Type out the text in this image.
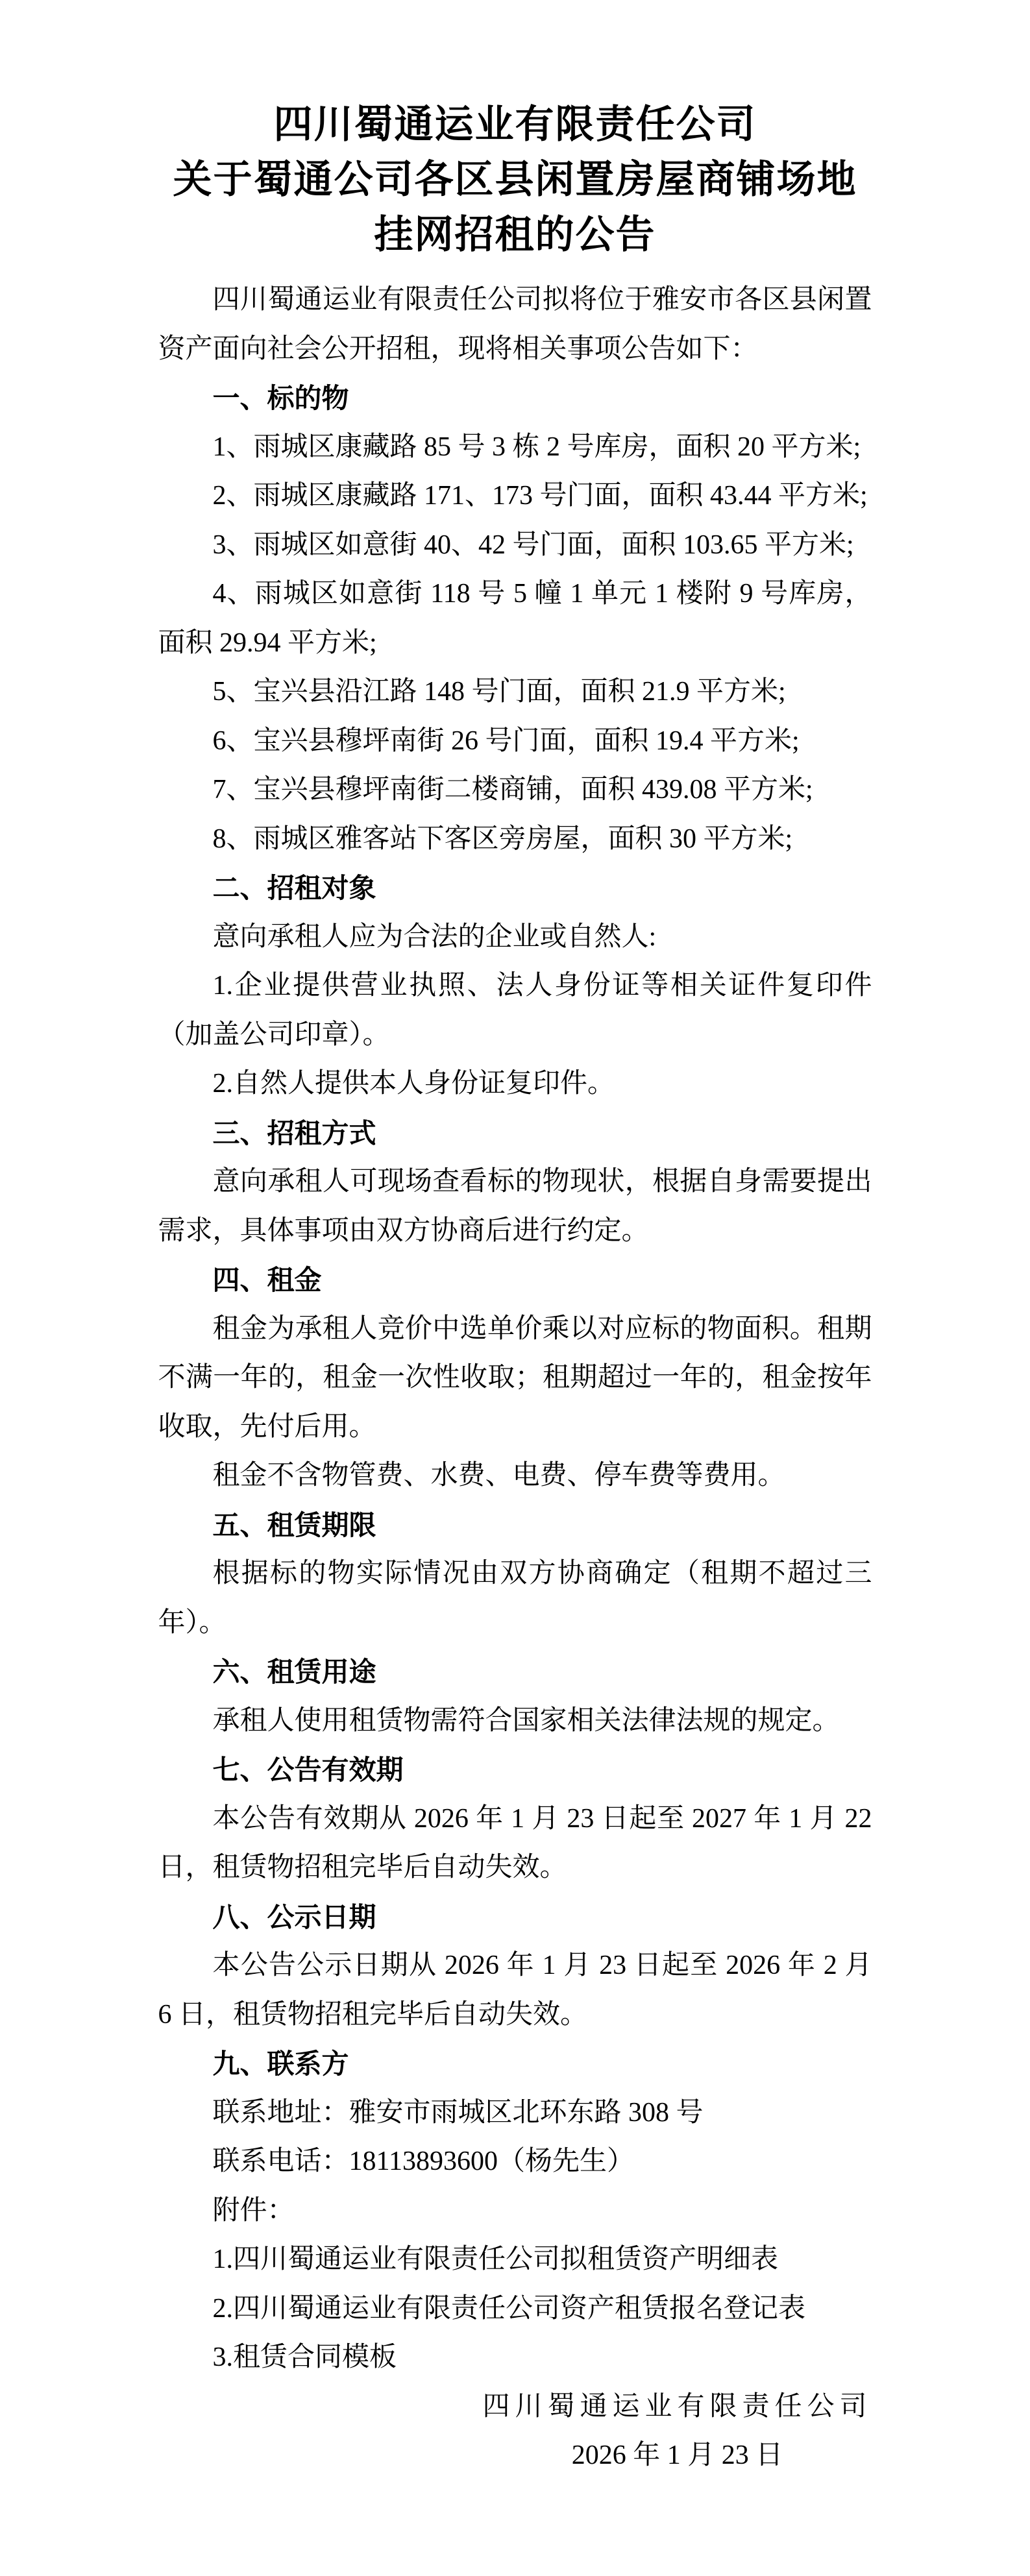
四川蜀通运业有限责任公司
关于蜀通公司各区县闲置房屋商铺场地挂网招租的公告

四川蜀通运业有限责任公司拟将位于雅安市各区县闲置资产面向社会公开招租，现将相关事项公告如下：

一、标的物

1、雨城区康藏路 85 号 3 栋 2 号库房，面积 20 平方米;

2、雨城区康藏路 171、173 号门面，面积 43.44 平方米;

3、雨城区如意街 40、42 号门面，面积 103.65 平方米;

4、雨城区如意街 118 号 5 幢 1 单元 1 楼附 9 号库房，面积 29.94 平方米;

5、宝兴县沿江路 148 号门面，面积 21.9 平方米;

6、宝兴县穆坪南街 26 号门面，面积 19.4 平方米;

7、宝兴县穆坪南街二楼商铺，面积 439.08 平方米;

8、雨城区雅客站下客区旁房屋，面积 30 平方米;

二、招租对象

意向承租人应为合法的企业或自然人:

1.企业提供营业执照、法人身份证等相关证件复印件（加盖公司印章）。

2.自然人提供本人身份证复印件。

三、招租方式

意向承租人可现场查看标的物现状，根据自身需要提出需求，具体事项由双方协商后进行约定。

四、租金

租金为承租人竞价中选单价乘以对应标的物面积。租期不满一年的，租金一次性收取；租期超过一年的，租金按年收取，先付后用。

租金不含物管费、水费、电费、停车费等费用。

五、租赁期限

根据标的物实际情况由双方协商确定（租期不超过三年）。

六、租赁用途

承租人使用租赁物需符合国家相关法律法规的规定。

七、公告有效期

本公告有效期从 2026 年 1 月 23 日起至 2027 年 1 月 22 日，租赁物招租完毕后自动失效。

八、公示日期

本公告公示日期从 2026 年 1 月 23 日起至 2026 年 2 月 6 日，租赁物招租完毕后自动失效。

九、联系方

联系地址：雅安市雨城区北环东路 308 号

联系电话：18113893600（杨先生）

附件：

1.四川蜀通运业有限责任公司拟租赁资产明细表

2.四川蜀通运业有限责任公司资产租赁报名登记表

3.租赁合同模板

四川蜀通运业有限责任公司

2026 年 1 月 23 日
